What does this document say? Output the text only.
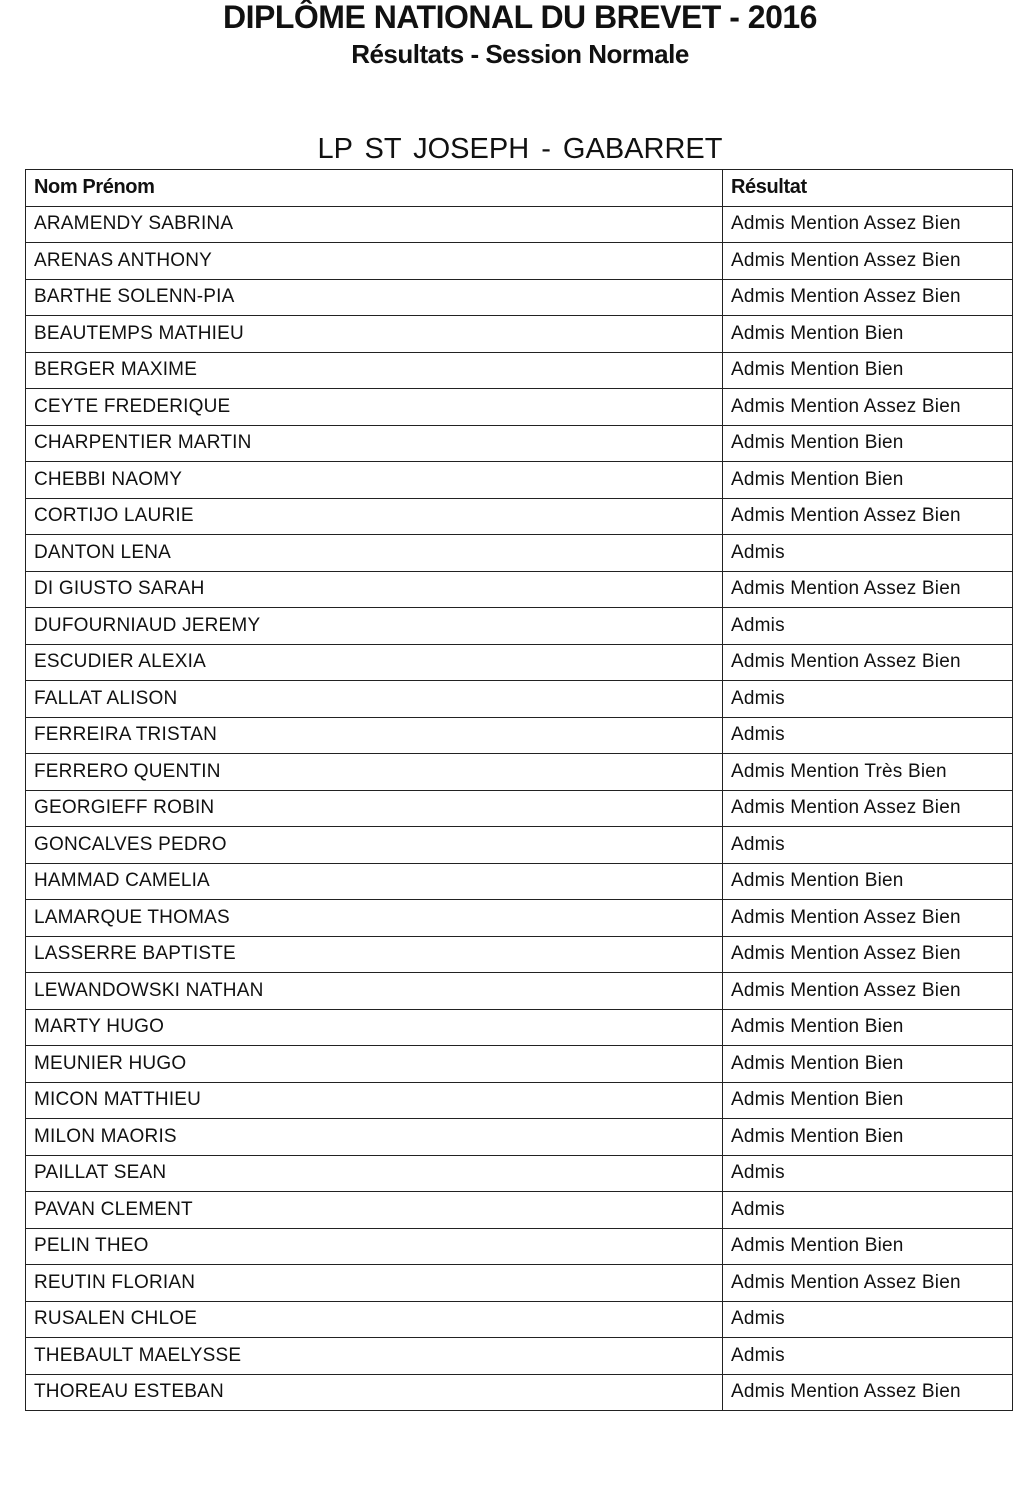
DIPLÔME NATIONAL DU BREVET - 2016
Résultats - Session Normale
LP ST JOSEPH - GABARRET
Nom Prénom	Résultat
ARAMENDY SABRINA	Admis Mention Assez Bien
ARENAS ANTHONY	Admis Mention Assez Bien
BARTHE SOLENN-PIA	Admis Mention Assez Bien
BEAUTEMPS MATHIEU	Admis Mention Bien
BERGER MAXIME	Admis Mention Bien
CEYTE FREDERIQUE	Admis Mention Assez Bien
CHARPENTIER MARTIN	Admis Mention Bien
CHEBBI NAOMY	Admis Mention Bien
CORTIJO LAURIE	Admis Mention Assez Bien
DANTON LENA	Admis
DI GIUSTO SARAH	Admis Mention Assez Bien
DUFOURNIAUD JEREMY	Admis
ESCUDIER ALEXIA	Admis Mention Assez Bien
FALLAT ALISON	Admis
FERREIRA TRISTAN	Admis
FERRERO QUENTIN	Admis Mention Très Bien
GEORGIEFF ROBIN	Admis Mention Assez Bien
GONCALVES PEDRO	Admis
HAMMAD CAMELIA	Admis Mention Bien
LAMARQUE THOMAS	Admis Mention Assez Bien
LASSERRE BAPTISTE	Admis Mention Assez Bien
LEWANDOWSKI NATHAN	Admis Mention Assez Bien
MARTY HUGO	Admis Mention Bien
MEUNIER HUGO	Admis Mention Bien
MICON MATTHIEU	Admis Mention Bien
MILON MAORIS	Admis Mention Bien
PAILLAT SEAN	Admis
PAVAN CLEMENT	Admis
PELIN THEO	Admis Mention Bien
REUTIN FLORIAN	Admis Mention Assez Bien
RUSALEN CHLOE	Admis
THEBAULT MAELYSSE	Admis
THOREAU ESTEBAN	Admis Mention Assez Bien
